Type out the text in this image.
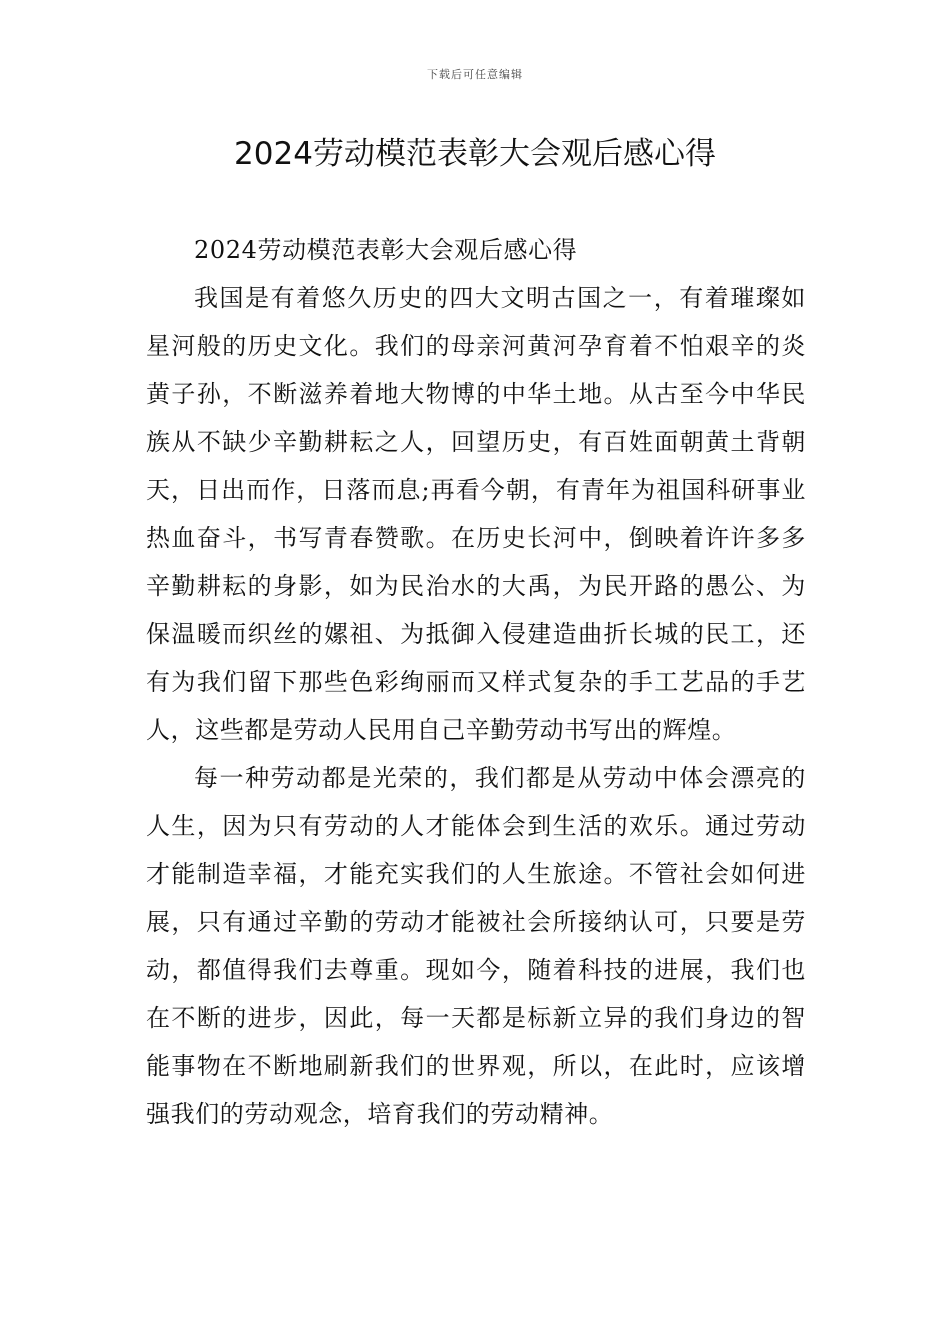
下载后可任意编辑
2024劳动模范表彰大会观后感心得

2024劳动模范表彰大会观后感心得

我国是有着悠久历史的四大文明古国之一，有着璀璨如星河般的历史文化。我们的母亲河黄河孕育着不怕艰辛的炎黄子孙，不断滋养着地大物博的中华土地。从古至今中华民族从不缺少辛勤耕耘之人，回望历史，有百姓面朝黄土背朝天，日出而作，日落而息;再看今朝，有青年为祖国科研事业热血奋斗，书写青春赞歌。在历史长河中，倒映着许许多多辛勤耕耘的身影，如为民治水的大禹，为民开路的愚公、为保温暖而织丝的嫘祖、为抵御入侵建造曲折长城的民工，还有为我们留下那些色彩绚丽而又样式复杂的手工艺品的手艺人，这些都是劳动人民用自己辛勤劳动书写出的辉煌。

每一种劳动都是光荣的，我们都是从劳动中体会漂亮的人生，因为只有劳动的人才能体会到生活的欢乐。通过劳动才能制造幸福，才能充实我们的人生旅途。不管社会如何进展，只有通过辛勤的劳动才能被社会所接纳认可，只要是劳动，都值得我们去尊重。现如今，随着科技的进展，我们也在不断的进步，因此，每一天都是标新立异的我们身边的智能事物在不断地刷新我们的世界观，所以，在此时，应该增强我们的劳动观念，培育我们的劳动精神。
